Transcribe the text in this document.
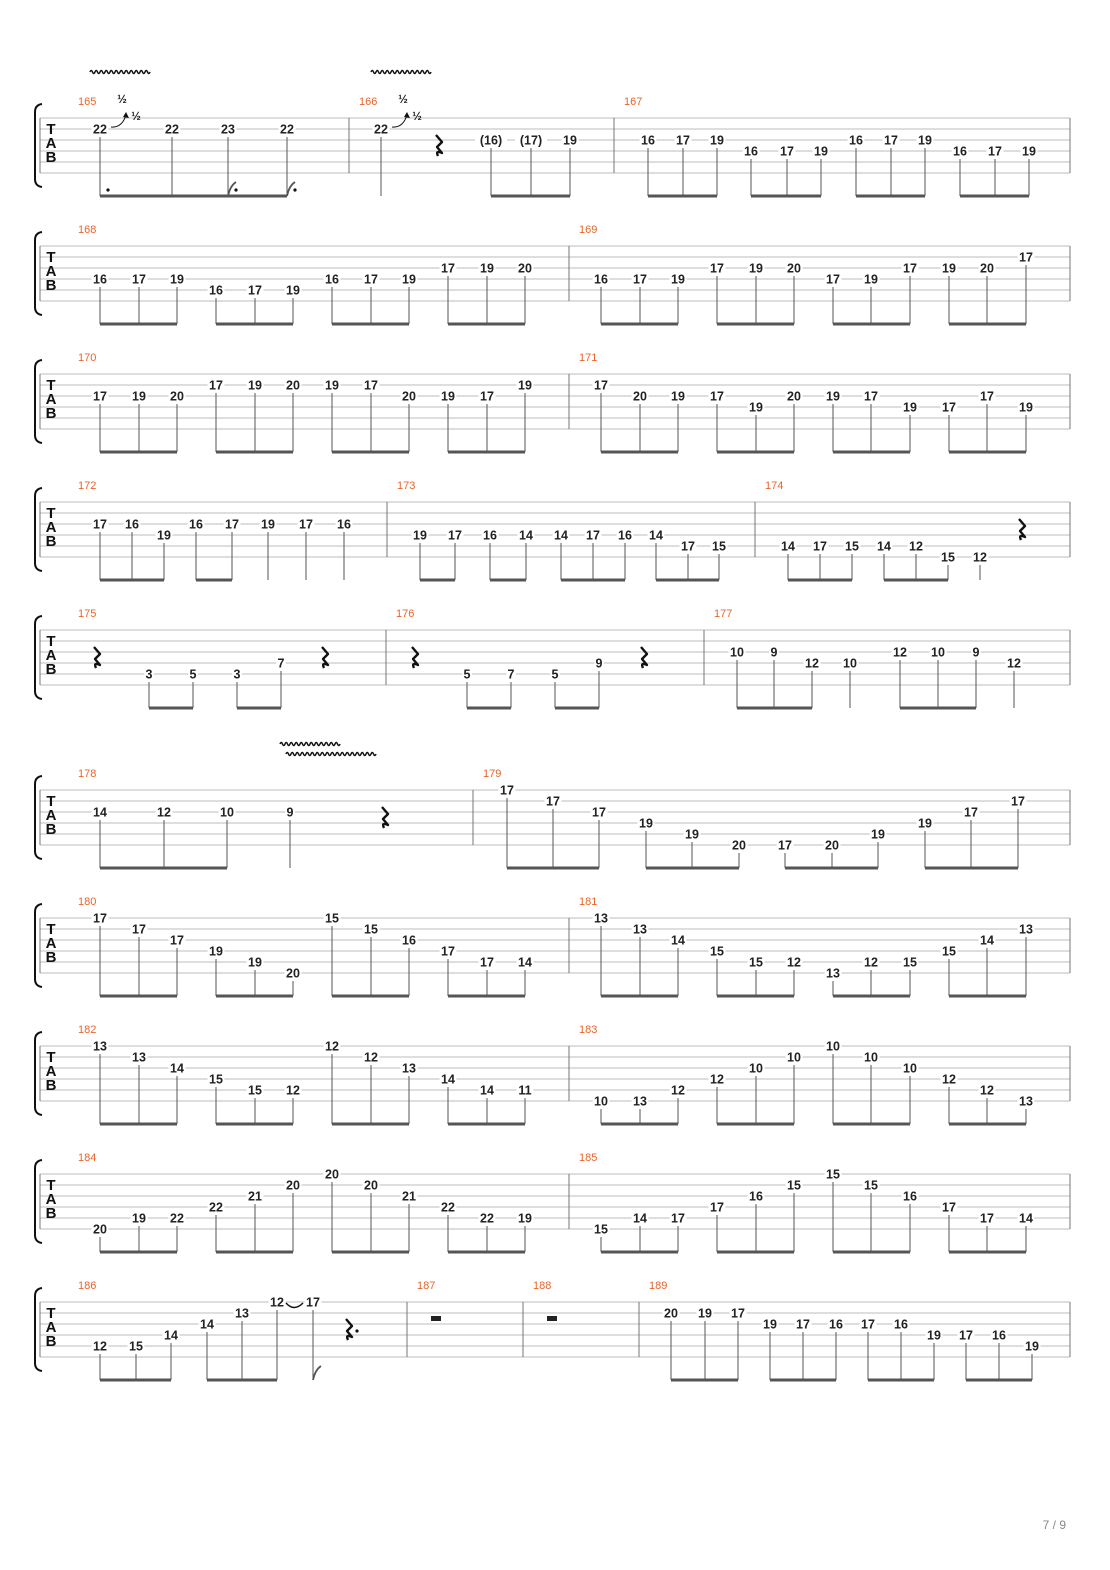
T
A
B
165
22
½
½
22	23	22
166
22
½
½
(16) (17) 19
167
16 17 19
16 17 19
16 17 19
16 17 19
T
A
B
168
16 17 19
16 17 19
16 17 19
17 19 20
169
16 17 19
17 19 20
17 19
17 19 20
17
T
A
B
170
17 19 20
17 19 20 19 17
20 19 17
19
171
17
20 19 17
19
20 19 17
19 17
17
19
T
A
B
172
17 16
19
16 17 19 17 16
173
19 17 16 14 14 17 16 14
17 15
174
14 17 15 14 12
15 12
T
A
B
175
3	5	3
7
176
5	7	5
9
177
10 9
12 10
12 10 9
12
T
A
B
178
14	12	10	9
179
17
17
17
19
19
20	17	20
19
19
17
17
T
A
B
180
17
17
17
19
19
20
15
15
16
17
17 14
181
13
13
14
15
15 12
13
12 15
15
14
13
T
A
B
182
13
13
14
15
15 12
12
12
13
14
14 11
183
10 13
12
12
10
10
10
10
10
12
12
13
T
A
B
184
20
19 22
22
21
20
20
20
21
22
22 19
185
15
14 17
17
16
15
15
15
16
17
17 14
T
A
B
186
12 15
14
14
13
12 17
187	188	189
20 19 17
19 17 16 17 16
19 17 16
19
7 / 9
